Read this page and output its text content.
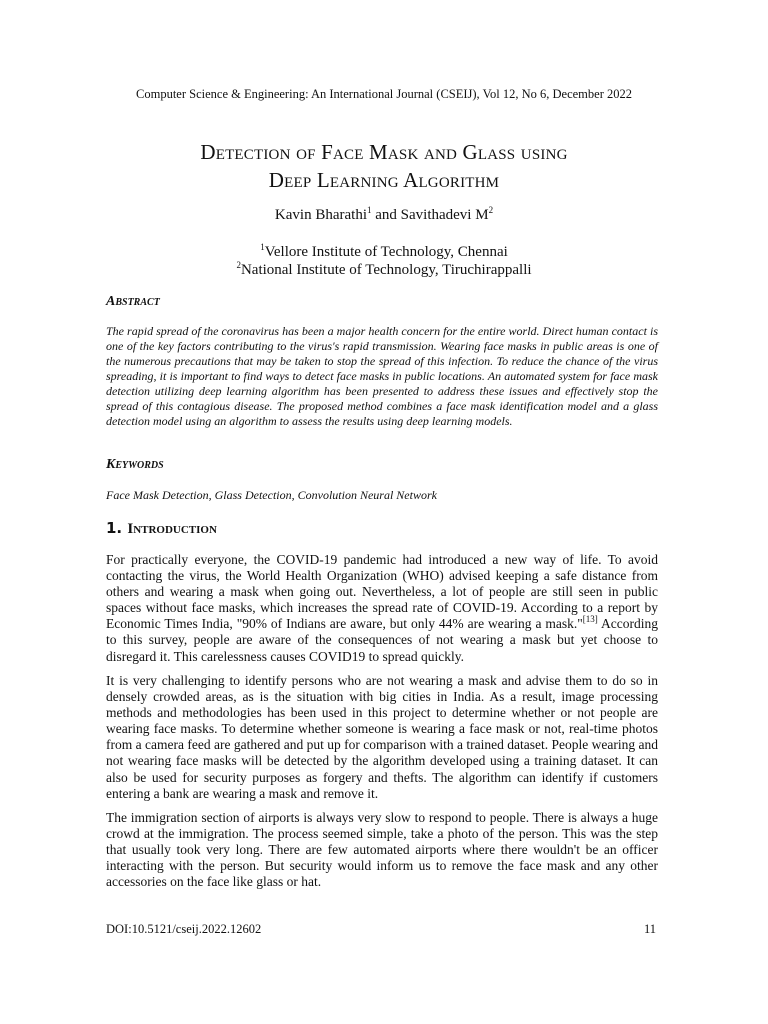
Computer Science & Engineering: An International Journal (CSEIJ), Vol 12, No 6, December 2022
Detection of Face Mask and Glass using
Deep Learning Algorithm
Kavin Bharathi$^1$ and Savithadevi $M^2$
$^1$Vellore Institute of Technology, Chennai
$^2$National Institute of Technology, Tiruchirappalli
Abstract
The rapid spread of the coronavirus has been a major health concern for the entire world. Direct human contact is one of the key factors contributing to the virus's rapid transmission. Wearing face masks in public areas is one of the numerous precautions that may be taken to stop the spread of this infection. To reduce the chance of the virus spreading, it is important to find ways to detect face masks in public locations. An automated system for face mask detection utilizing deep learning algorithm has been presented to address these issues and effectively stop the spread of this contagious disease. The proposed method combines a face mask identification model and a glass detection model using an algorithm to assess the results using deep learning models.
Keywords
Face Mask Detection, Glass Detection, Convolution Neural Network
1. Introduction
For practically everyone, the COVID-19 pandemic had introduced a new way of life. To avoid contacting the virus, the World Health Organization (WHO) advised keeping a safe distance from others and wearing a mask when going out. Nevertheless, a lot of people are still seen in public spaces without face masks, which increases the spread rate of COVID-19. According to a report by Economic Times India, "90% of Indians are aware, but only 44% are wearing a mask."[13] According to this survey, people are aware of the consequences of not wearing a mask but yet choose to disregard it. This carelessness causes COVID19 to spread quickly.
It is very challenging to identify persons who are not wearing a mask and advise them to do so in densely crowded areas, as is the situation with big cities in India. As a result, image processing methods and methodologies has been used in this project to determine whether or not people are wearing face masks. To determine whether someone is wearing a face mask or not, real-time photos from a camera feed are gathered and put up for comparison with a trained dataset. People wearing and not wearing face masks will be detected by the algorithm developed using a training dataset. It can also be used for security purposes as forgery and thefts. The algorithm can identify if customers entering a bank are wearing a mask and remove it.
The immigration section of airports is always very slow to respond to people. There is always a huge crowd at the immigration. The process seemed simple, take a photo of the person. This was the step that usually took very long. There are few automated airports where there wouldn't be an officer interacting with the person. But security would inform us to remove the face mask and any other accessories on the face like glass or hat.
DOI:10.5121/cseij.2022.12602	11
